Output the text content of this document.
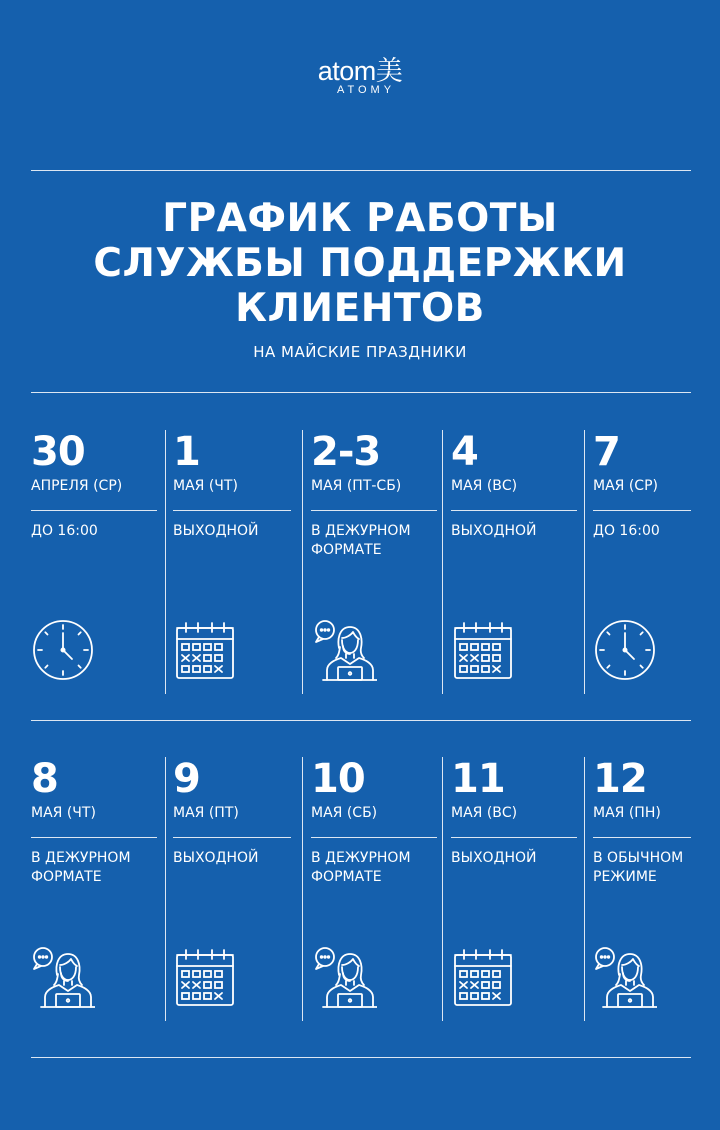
atom美
ATOMY
ГРАФИК РАБОТЫ
СЛУЖБЫ ПОДДЕРЖКИ
КЛИЕНТОВ
НА МАЙСКИЕ ПРАЗДНИКИ
30
АПРЕЛЯ (СР)
ДО 16:00
1
МАЯ (ЧТ)
ВЫХОДНОЙ
2-3
МАЯ (ПТ-СБ)
В ДЕЖУРНОМ
ФОРМАТЕ
4
МАЯ (ВС)
ВЫХОДНОЙ
7
МАЯ (СР)
ДО 16:00
8
МАЯ (ЧТ)
В ДЕЖУРНОМ
ФОРМАТЕ
9
МАЯ (ПТ)
ВЫХОДНОЙ
10
МАЯ (СБ)
В ДЕЖУРНОМ
ФОРМАТЕ
11
МАЯ (ВС)
ВЫХОДНОЙ
12
МАЯ (ПН)
В ОБЫЧНОМ
РЕЖИМЕ
